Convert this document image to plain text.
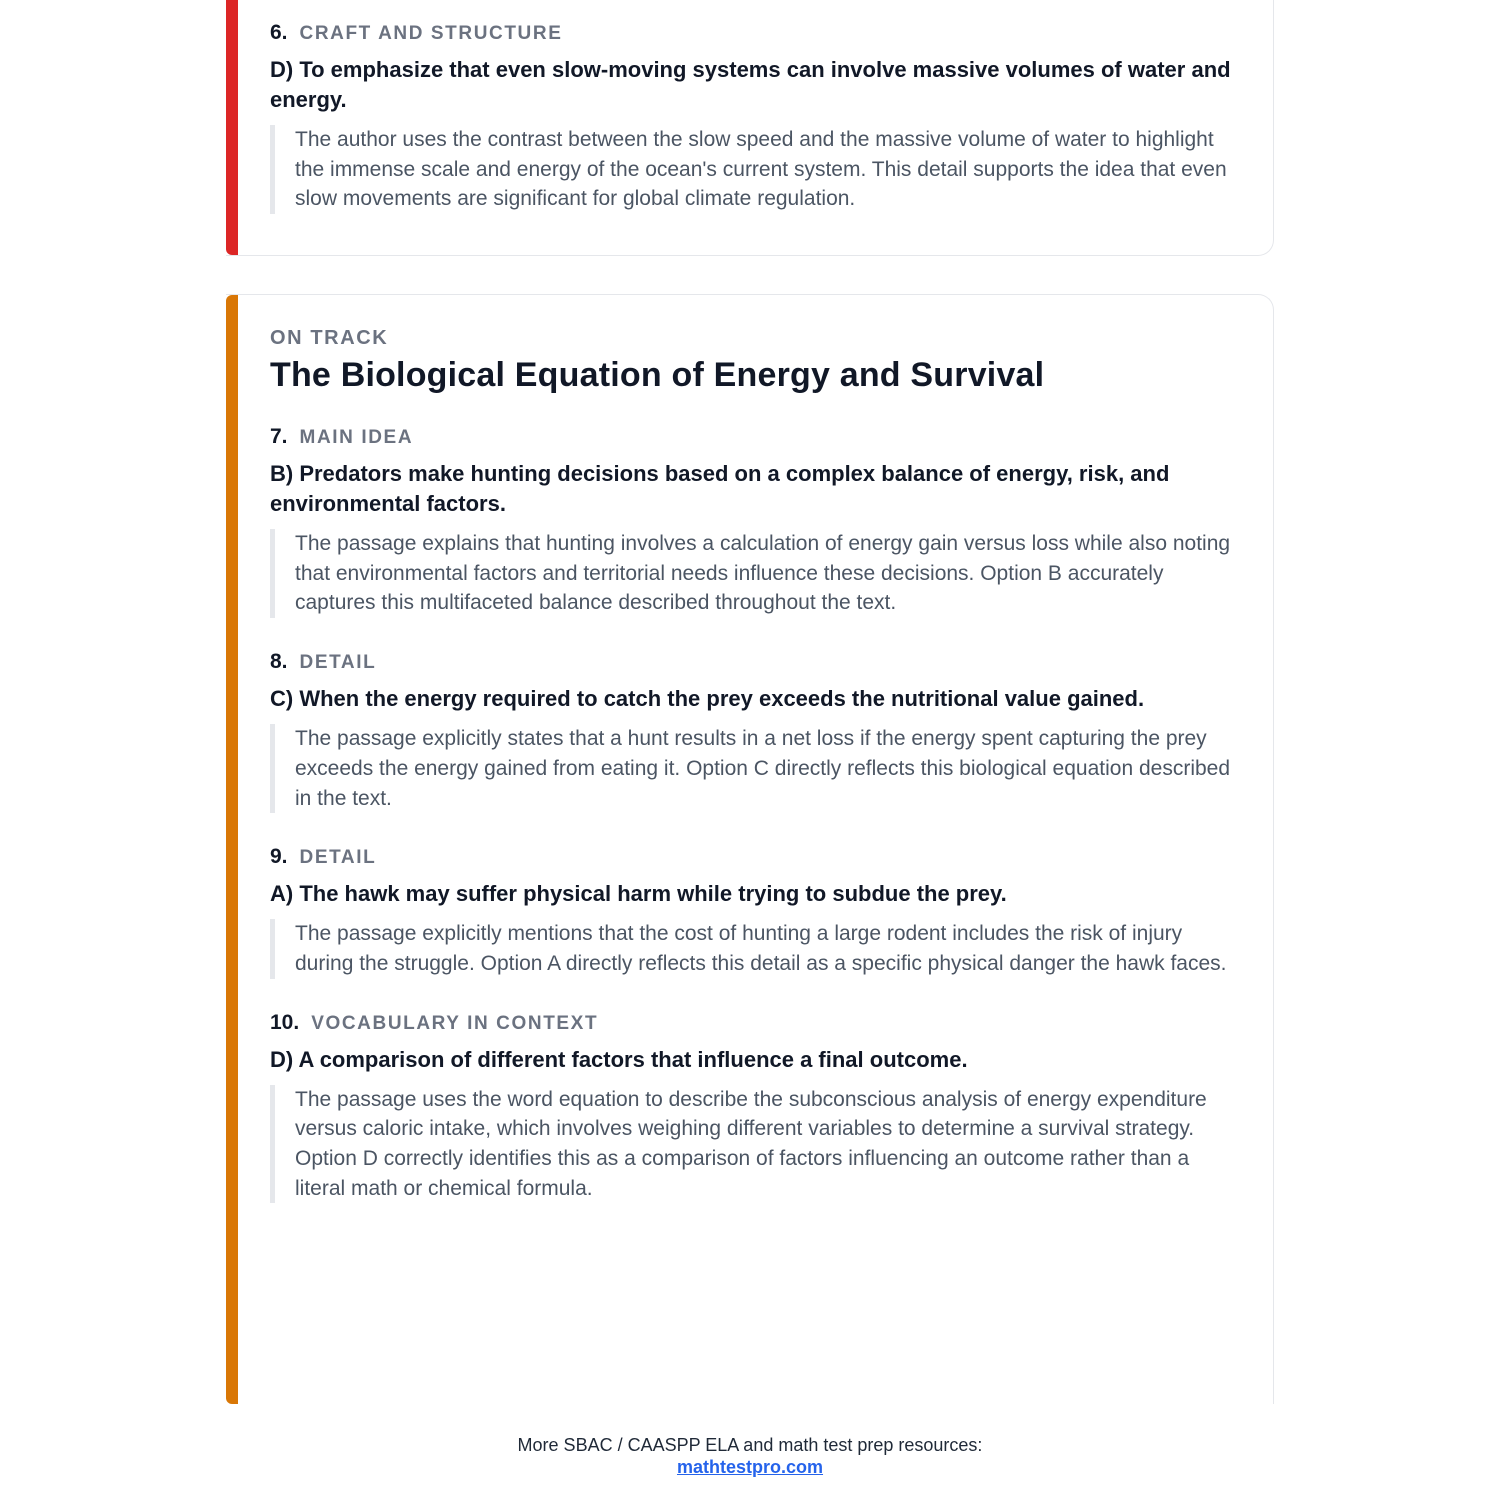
6. CRAFT AND STRUCTURE
D) To emphasize that even slow-moving systems can involve massive volumes of water and energy.
The author uses the contrast between the slow speed and the massive volume of water to highlight the immense scale and energy of the ocean's current system. This detail supports the idea that even slow movements are significant for global climate regulation.
ON TRACK
The Biological Equation of Energy and Survival
7. MAIN IDEA
B) Predators make hunting decisions based on a complex balance of energy, risk, and environmental factors.
The passage explains that hunting involves a calculation of energy gain versus loss while also noting that environmental factors and territorial needs influence these decisions. Option B accurately captures this multifaceted balance described throughout the text.
8. DETAIL
C) When the energy required to catch the prey exceeds the nutritional value gained.
The passage explicitly states that a hunt results in a net loss if the energy spent capturing the prey exceeds the energy gained from eating it. Option C directly reflects this biological equation described in the text.
9. DETAIL
A) The hawk may suffer physical harm while trying to subdue the prey.
The passage explicitly mentions that the cost of hunting a large rodent includes the risk of injury during the struggle. Option A directly reflects this detail as a specific physical danger the hawk faces.
10. VOCABULARY IN CONTEXT
D) A comparison of different factors that influence a final outcome.
The passage uses the word equation to describe the subconscious analysis of energy expenditure versus caloric intake, which involves weighing different variables to determine a survival strategy. Option D correctly identifies this as a comparison of factors influencing an outcome rather than a literal math or chemical formula.
More SBAC / CAASPP ELA and math test prep resources:
mathtestpro.com
